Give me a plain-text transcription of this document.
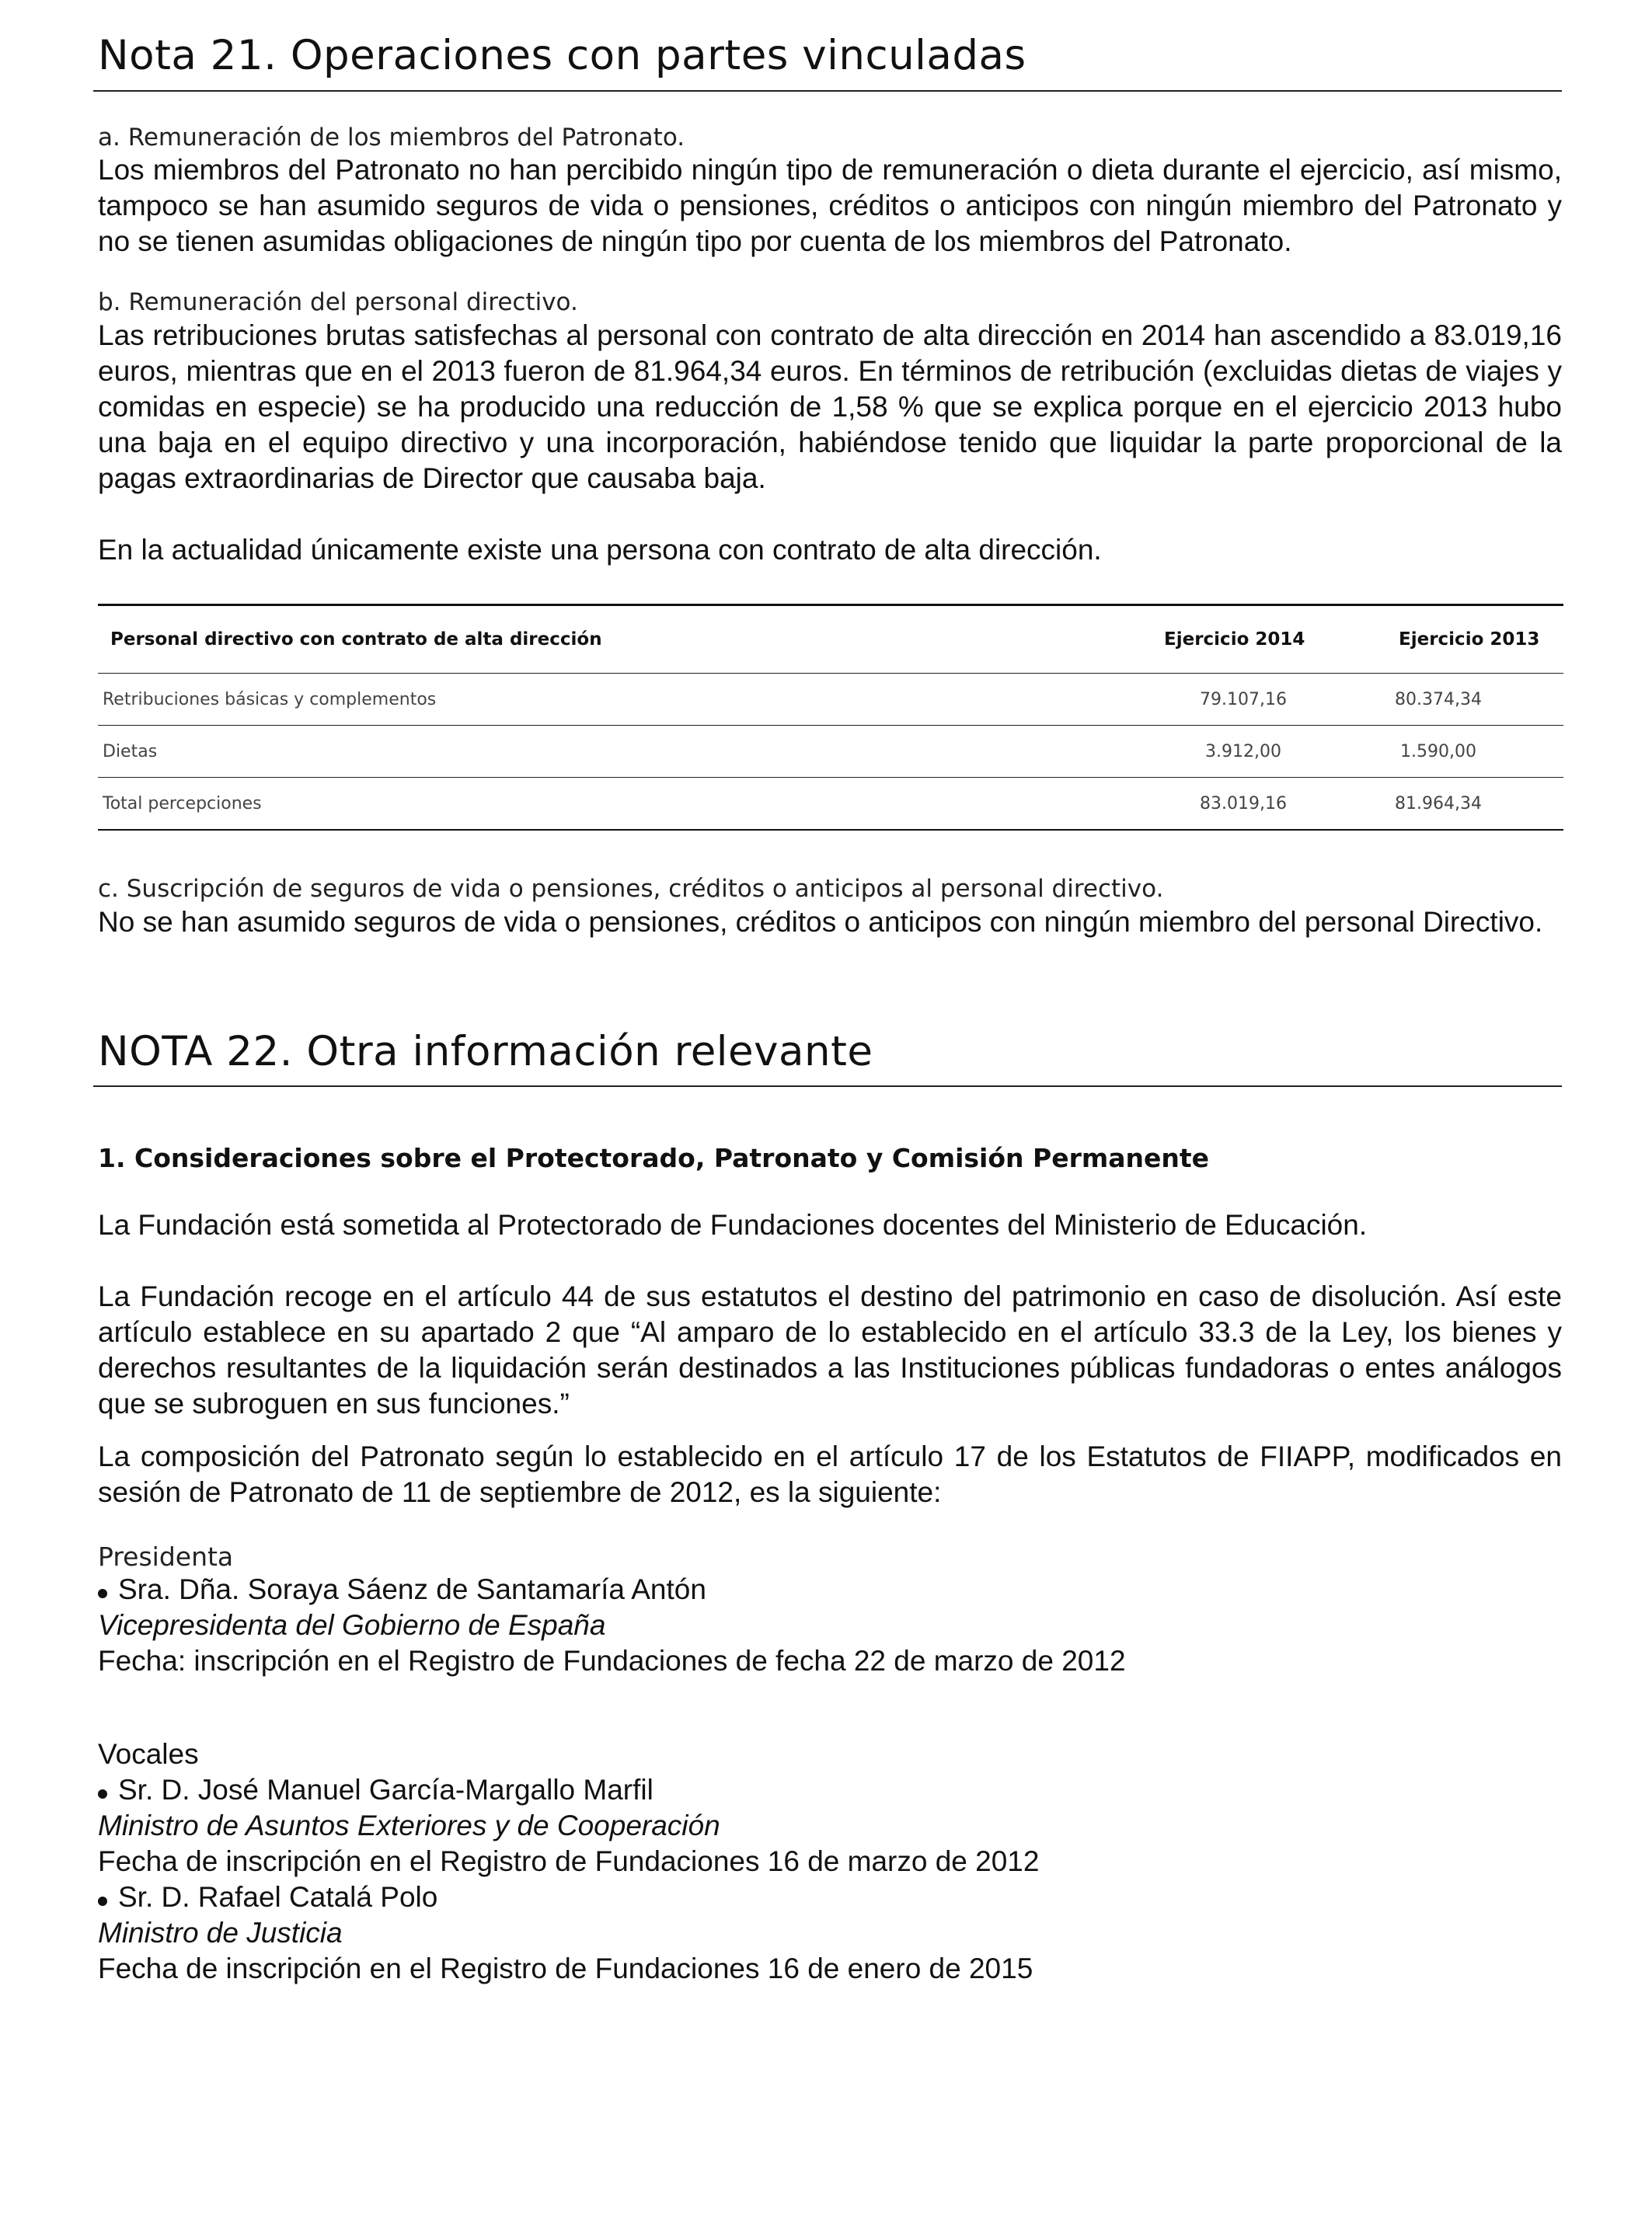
Nota 21. Operaciones con partes vinculadas

a. Remuneración de los miembros del Patronato.

Los miembros del Patronato no han percibido ningún tipo de remuneración o dieta durante el ejercicio, así mismo, tampoco se han asumido seguros de vida o pensiones, créditos o anticipos con ningún miembro del Patronato y no se tienen asumidas obligaciones de ningún tipo por cuenta de los miembros del Patronato.

b. Remuneración del personal directivo.

Las retribuciones brutas satisfechas al personal con contrato de alta dirección en 2014 han ascendido a 83.019,16 euros, mientras que en el 2013 fueron de 81.964,34 euros. En términos de retribución (excluidas dietas de viajes y comidas en especie) se ha producido una reducción de 1,58 % que se explica porque en el ejercicio 2013 hubo una baja en el equipo directivo y una incorporación, habiéndose tenido que liquidar la parte proporcional de la pagas extraordinarias de Director que causaba baja.

En la actualidad únicamente existe una persona con contrato de alta dirección.

Personal directivo con contrato de alta dirección	Ejercicio 2014	Ejercicio 2013
Retribuciones básicas y complementos	79.107,16	80.374,34
Dietas	3.912,00	1.590,00
Total percepciones	83.019,16	81.964,34

c. Suscripción de seguros de vida o pensiones, créditos o anticipos al personal directivo.

No se han asumido seguros de vida o pensiones, créditos o anticipos con ningún miembro del personal Directivo.

NOTA 22. Otra información relevante

1. Consideraciones sobre el Protectorado, Patronato y Comisión Permanente

La Fundación está sometida al Protectorado de Fundaciones docentes del Ministerio de Educación.

La Fundación recoge en el artículo 44 de sus estatutos el destino del patrimonio en caso de disolución. Así este artículo establece en su apartado 2 que “Al amparo de lo establecido en el artículo 33.3 de la Ley, los bienes y derechos resultantes de la liquidación serán destinados a las Instituciones públicas fundadoras o entes análogos que se subroguen en sus funciones.”

La composición del Patronato según lo establecido en el artículo 17 de los Estatutos de FIIAPP, modificados en sesión de Patronato de 11 de septiembre de 2012, es la siguiente:

Presidenta

Sra. Dña. Soraya Sáenz de Santamaría Antón

Vicepresidenta del Gobierno de España

Fecha: inscripción en el Registro de Fundaciones de fecha 22 de marzo de 2012

Vocales

Sr. D. José Manuel García-Margallo Marfil

Ministro de Asuntos Exteriores y de Cooperación

Fecha de inscripción en el Registro de Fundaciones 16 de marzo de 2012

Sr. D. Rafael Catalá Polo

Ministro de Justicia

Fecha de inscripción en el Registro de Fundaciones 16 de enero de 2015
